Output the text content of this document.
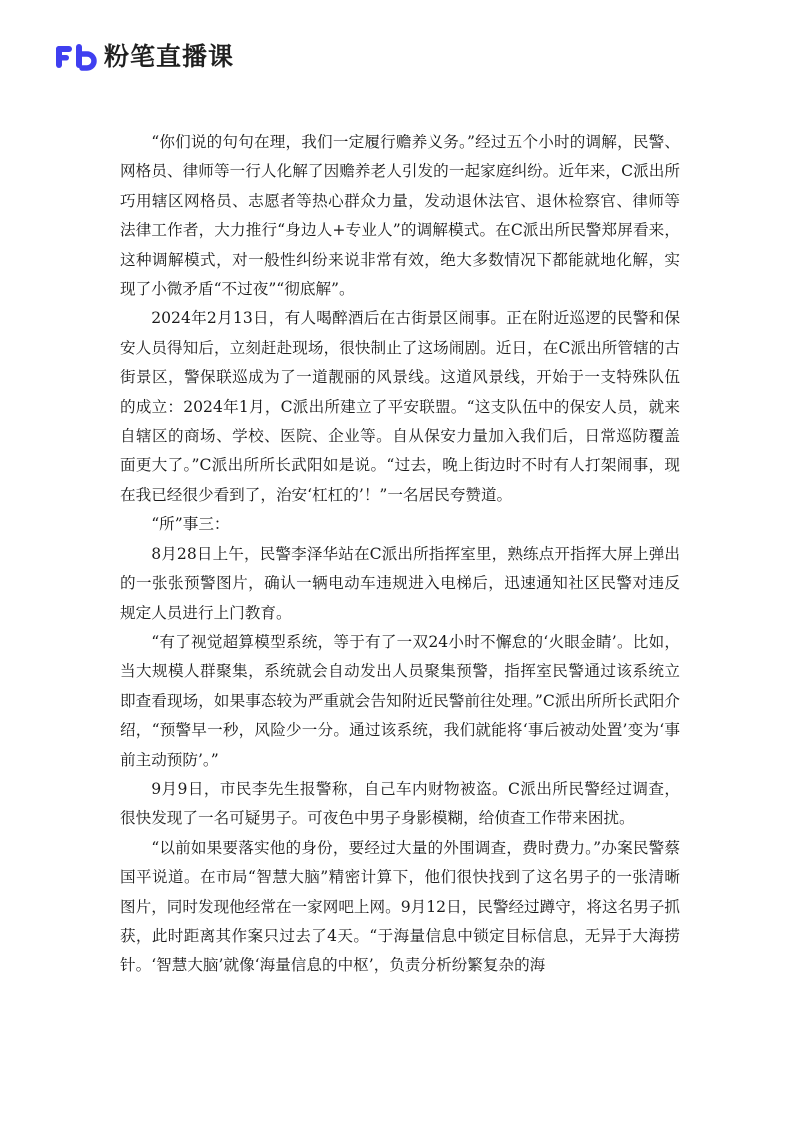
粉笔直播课

“你们说的句句在理，我们一定履行赡养义务。”经过五个小时的调解，民警、网格员、律师等一行人化解了因赡养老人引发的一起家庭纠纷。近年来，C派出所巧用辖区网格员、志愿者等热心群众力量，发动退休法官、退休检察官、律师等法律工作者，大力推行“身边人+专业人”的调解模式。在C派出所民警郑屏看来，这种调解模式，对一般性纠纷来说非常有效，绝大多数情况下都能就地化解，实现了小微矛盾“不过夜”“彻底解”。

2024年2月13日，有人喝醉酒后在古街景区闹事。正在附近巡逻的民警和保安人员得知后，立刻赶赴现场，很快制止了这场闹剧。近日，在C派出所管辖的古街景区，警保联巡成为了一道靓丽的风景线。这道风景线，开始于一支特殊队伍的成立：2024年1月，C派出所建立了平安联盟。“这支队伍中的保安人员，就来自辖区的商场、学校、医院、企业等。自从保安力量加入我们后，日常巡防覆盖面更大了。”C派出所所长武阳如是说。“过去，晚上街边时不时有人打架闹事，现在我已经很少看到了，治安‘杠杠的’！”一名居民夸赞道。

“所”事三：

8月28日上午，民警李泽华站在C派出所指挥室里，熟练点开指挥大屏上弹出的一张张预警图片，确认一辆电动车违规进入电梯后，迅速通知社区民警对违反规定人员进行上门教育。

“有了视觉超算模型系统，等于有了一双24小时不懈怠的‘火眼金睛’。比如，当大规模人群聚集，系统就会自动发出人员聚集预警，指挥室民警通过该系统立即查看现场，如果事态较为严重就会告知附近民警前往处理。”C派出所所长武阳介绍，“预警早一秒，风险少一分。通过该系统，我们就能将‘事后被动处置’变为‘事前主动预防’。”

9月9日，市民李先生报警称，自己车内财物被盗。C派出所民警经过调查，很快发现了一名可疑男子。可夜色中男子身影模糊，给侦查工作带来困扰。

“以前如果要落实他的身份，要经过大量的外围调查，费时费力。”办案民警蔡国平说道。在市局“智慧大脑”精密计算下，他们很快找到了这名男子的一张清晰图片，同时发现他经常在一家网吧上网。9月12日，民警经过蹲守，将这名男子抓获，此时距离其作案只过去了4天。“于海量信息中锁定目标信息，无异于大海捞针。‘智慧大脑’就像‘海量信息的中枢’，负责分析纷繁复杂的海
